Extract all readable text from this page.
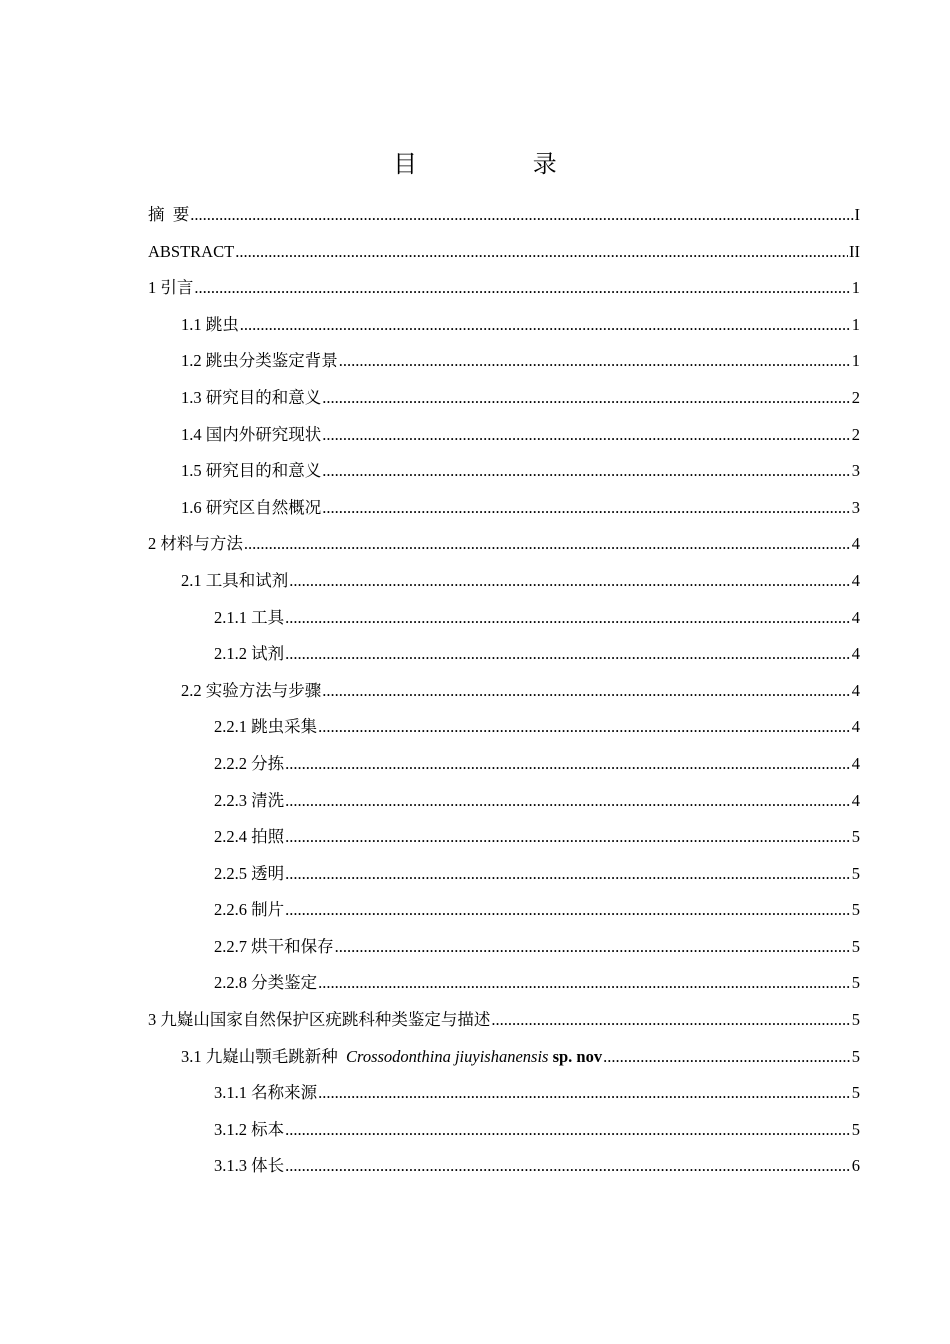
目 录
摘  要 .....	I
ABSTRACT .....	II
1 引言 .....	1
1.1 跳虫 .....	1
1.2 跳虫分类鉴定背景 .....	1
1.3 研究目的和意义 .....	2
1.4 国内外研究现状 .....	2
1.5 研究目的和意义 .....	3
1.6 研究区自然概况 .....	3
2 材料与方法 .....	4
2.1 工具和试剂 .....	4
2.1.1 工具 .....	4
2.1.2 试剂 .....	4
2.2 实验方法与步骤 .....	4
2.2.1 跳虫采集 .....	4
2.2.2 分拣 .....	4
2.2.3 清洗 .....	4
2.2.4 拍照 .....	5
2.2.5 透明 .....	5
2.2.6 制片 .....	5
2.2.7 烘干和保存 .....	5
2.2.8 分类鉴定 .....	5
3 九嶷山国家自然保护区疣跳科种类鉴定与描述 .....	5
3.1 九嶷山颚毛跳新种  Crossodonthina jiuyishanensis sp. nov .....	5
3.1.1 名称来源 .....	5
3.1.2 标本 .....	5
3.1.3 体长 .....	6
